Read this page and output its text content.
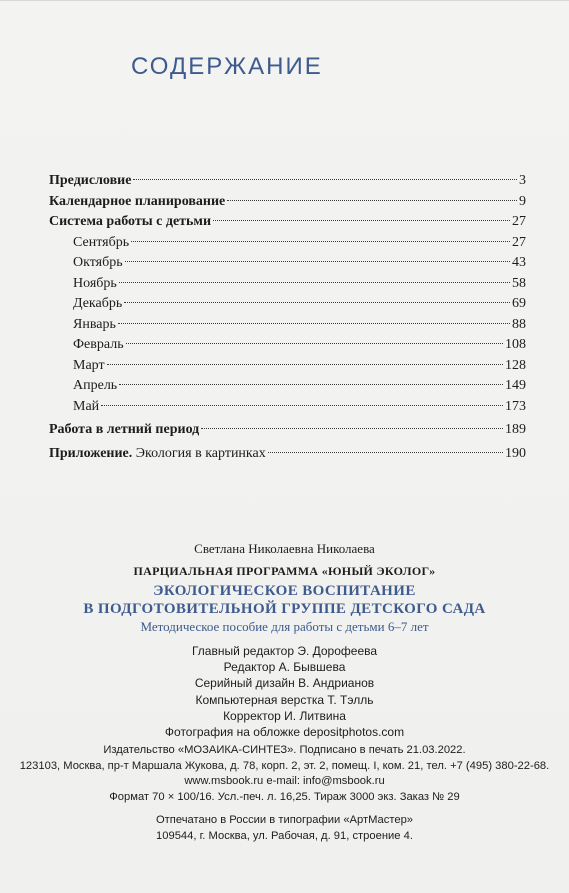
СОДЕРЖАНИЕ
Предисловие	3
Календарное планирование	9
Система работы с детьми	27
Сентябрь	27
Октябрь	43
Ноябрь	58
Декабрь	69
Январь	88
Февраль	108
Март	128
Апрель	149
Май	173
Работа в летний период	189
Приложение. Экология в картинках	190
Светлана Николаевна Николаева
ПАРЦИАЛЬНАЯ ПРОГРАММА «ЮНЫЙ ЭКОЛОГ»
ЭКОЛОГИЧЕСКОЕ ВОСПИТАНИЕ
В ПОДГОТОВИТЕЛЬНОЙ ГРУППЕ ДЕТСКОГО САДА
Методическое пособие для работы с детьми 6–7 лет
Главный редактор Э. Дорофеева
Редактор А. Бывшева
Серийный дизайн В. Андрианов
Компьютерная верстка Т. Тэлль
Корректор И. Литвина
Фотография на обложке depositphotos.com
Издательство «МОЗАИКА-СИНТЕЗ». Подписано в печать 21.03.2022.
123103, Москва, пр-т Маршала Жукова, д. 78, корп. 2, эт. 2, помещ. I, ком. 21, тел. +7 (495) 380-22-68.
www.msbook.ru e-mail: info@msbook.ru
Формат 70 × 100/16. Усл.-печ. л. 16,25. Тираж 3000 экз. Заказ № 29
Отпечатано в России в типографии «АртМастер»
109544, г. Москва, ул. Рабочая, д. 91, строение 4.
